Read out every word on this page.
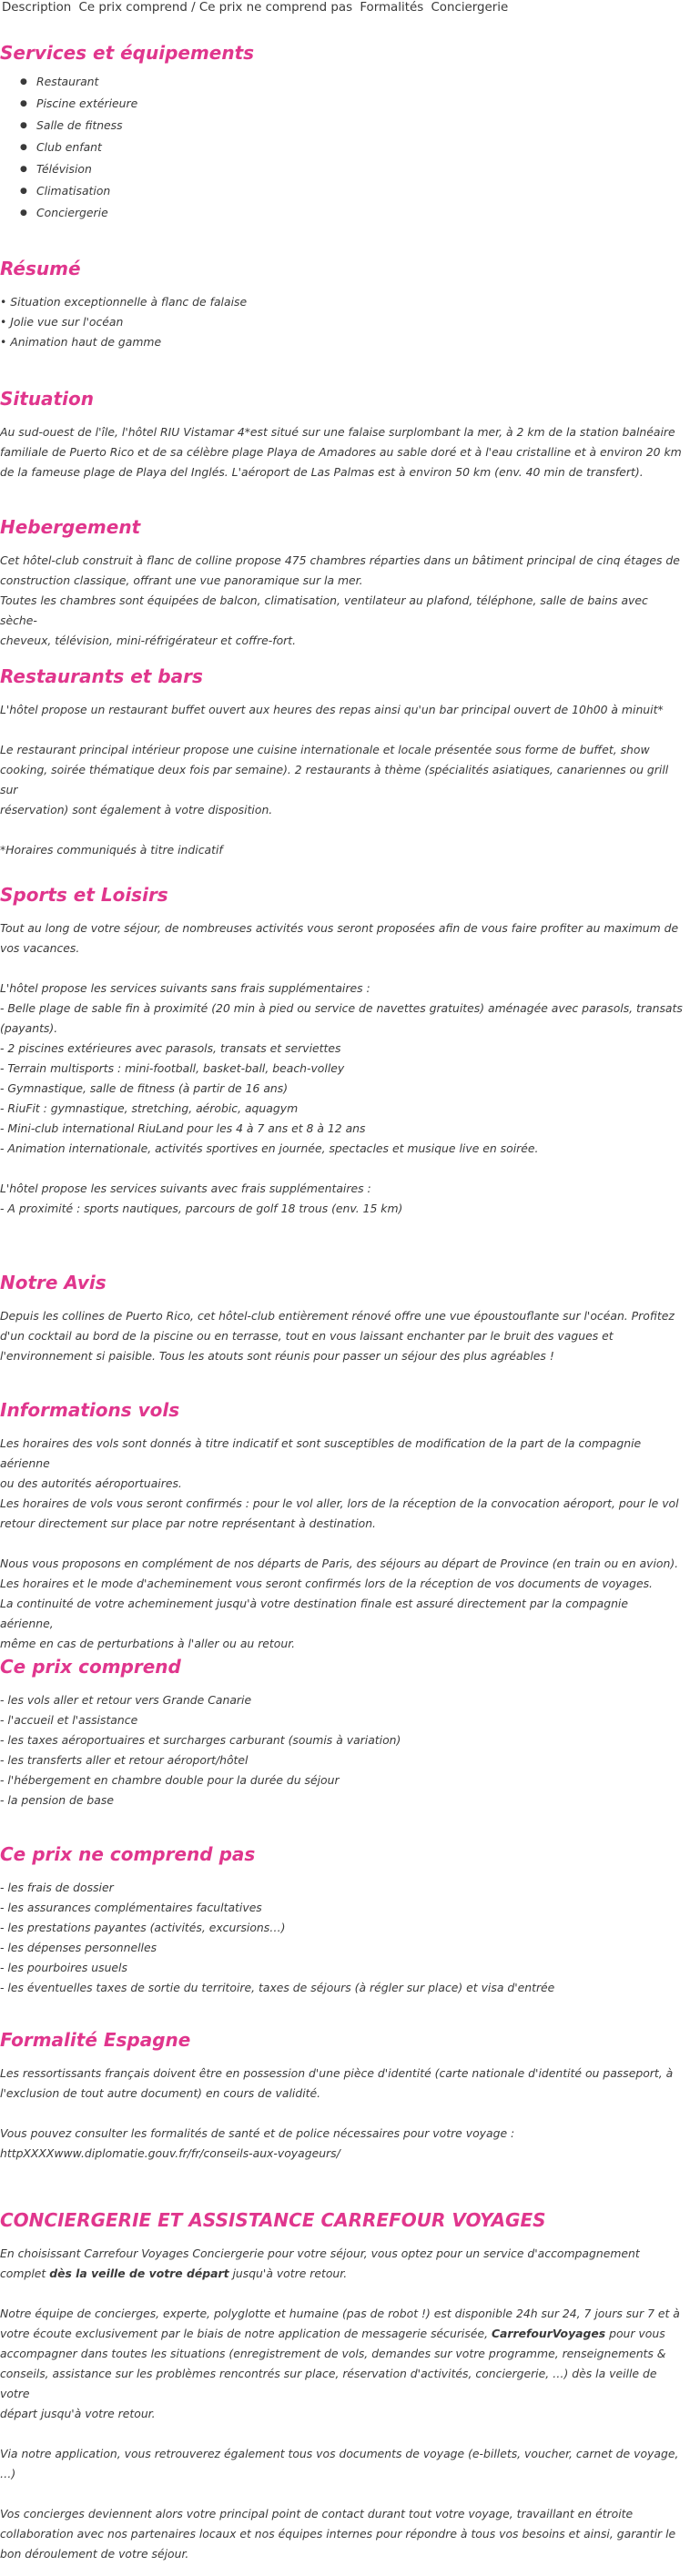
Description Ce prix comprend / Ce prix ne comprend pas Formalités Conciergerie
Services et équipements
● Restaurant
● Piscine extérieure
● Salle de fitness
● Club enfant
● Télévision
● Climatisation
● Conciergerie
Résumé

• Situation exceptionnelle à flanc de falaise

• Jolie vue sur l'océan

• Animation haut de gamme

Situation

Au sud-ouest de l'île, l'hôtel RIU Vistamar 4*est situé sur une falaise surplombant la mer, à 2 km de la station balnéaire

familiale de Puerto Rico et de sa célèbre plage Playa de Amadores au sable doré et à l'eau cristalline et à environ 20 km

de la fameuse plage de Playa del Inglés. L'aéroport de Las Palmas est à environ 50 km (env. 40 min de transfert).

Hebergement

Cet hôtel-club construit à flanc de colline propose 475 chambres réparties dans un bâtiment principal de cinq étages de

construction classique, offrant une vue panoramique sur la mer.

Toutes les chambres sont équipées de balcon, climatisation, ventilateur au plafond, téléphone, salle de bains avec sèche-

cheveux, télévision, mini-réfrigérateur et coffre-fort.

Restaurants et bars

L'hôtel propose un restaurant buffet ouvert aux heures des repas ainsi qu'un bar principal ouvert de 10h00 à minuit*

Le restaurant principal intérieur propose une cuisine internationale et locale présentée sous forme de buffet, show

cooking, soirée thématique deux fois par semaine). 2 restaurants à thème (spécialités asiatiques, canariennes ou grill sur

réservation) sont également à votre disposition.

*Horaires communiqués à titre indicatif

Sports et Loisirs

Tout au long de votre séjour, de nombreuses activités vous seront proposées afin de vous faire profiter au maximum de

vos vacances.

L'hôtel propose les services suivants sans frais supplémentaires :

- Belle plage de sable fin à proximité (20 min à pied ou service de navettes gratuites) aménagée avec parasols, transats

(payants).

- 2 piscines extérieures avec parasols, transats et serviettes

- Terrain multisports : mini-football, basket-ball, beach-volley

- Gymnastique, salle de fitness (à partir de 16 ans)

- RiuFit : gymnastique, stretching, aérobic, aquagym

- Mini-club international RiuLand pour les 4 à 7 ans et 8 à 12 ans

- Animation internationale, activités sportives en journée, spectacles et musique live en soirée.

L'hôtel propose les services suivants avec frais supplémentaires :

- A proximité : sports nautiques, parcours de golf 18 trous (env. 15 km)

Notre Avis

Depuis les collines de Puerto Rico, cet hôtel-club entièrement rénové offre une vue époustouflante sur l'océan. Profitez

d'un cocktail au bord de la piscine ou en terrasse, tout en vous laissant enchanter par le bruit des vagues et

l'environnement si paisible. Tous les atouts sont réunis pour passer un séjour des plus agréables !

Informations vols

Les horaires des vols sont donnés à titre indicatif et sont susceptibles de modification de la part de la compagnie aérienne

ou des autorités aéroportuaires.

Les horaires de vols vous seront confirmés : pour le vol aller, lors de la réception de la convocation aéroport, pour le vol

retour directement sur place par notre représentant à destination.

Nous vous proposons en complément de nos départs de Paris, des séjours au départ de Province (en train ou en avion).

Les horaires et le mode d'acheminement vous seront confirmés lors de la réception de vos documents de voyages.

La continuité de votre acheminement jusqu'à votre destination finale est assuré directement par la compagnie aérienne,

même en cas de perturbations à l'aller ou au retour.

Ce prix comprend

- les vols aller et retour vers Grande Canarie

- l'accueil et l'assistance

- les taxes aéroportuaires et surcharges carburant (soumis à variation)

- les transferts aller et retour aéroport/hôtel

- l'hébergement en chambre double pour la durée du séjour

- la pension de base

Ce prix ne comprend pas

- les frais de dossier

- les assurances complémentaires facultatives

- les prestations payantes (activités, excursions…)

- les dépenses personnelles

- les pourboires usuels

- les éventuelles taxes de sortie du territoire, taxes de séjours (à régler sur place) et visa d'entrée

Formalité Espagne

Les ressortissants français doivent être en possession d'une pièce d'identité (carte nationale d'identité ou passeport, à

l'exclusion de tout autre document) en cours de validité.

Vous pouvez consulter les formalités de santé et de police nécessaires pour votre voyage :

httpXXXXwww.diplomatie.gouv.fr/fr/conseils-aux-voyageurs/

CONCIERGERIE ET ASSISTANCE CARREFOUR VOYAGES

En choisissant Carrefour Voyages Conciergerie pour votre séjour, vous optez pour un service d'accompagnement

complet dès la veille de votre départ jusqu'à votre retour.

Notre équipe de concierges, experte, polyglotte et humaine (pas de robot !) est disponible 24h sur 24, 7 jours sur 7 et à

votre écoute exclusivement par le biais de notre application de messagerie sécurisée, CarrefourVoyages pour vous

accompagner dans toutes les situations (enregistrement de vols, demandes sur votre programme, renseignements &

conseils, assistance sur les problèmes rencontrés sur place, réservation d'activités, conciergerie, …) dès la veille de votre

départ jusqu'à votre retour.

Via notre application, vous retrouverez également tous vos documents de voyage (e-billets, voucher, carnet de voyage,

…)

Vos concierges deviennent alors votre principal point de contact durant tout votre voyage, travaillant en étroite

collaboration avec nos partenaires locaux et nos équipes internes pour répondre à tous vos besoins et ainsi, garantir le

bon déroulement de votre séjour.
